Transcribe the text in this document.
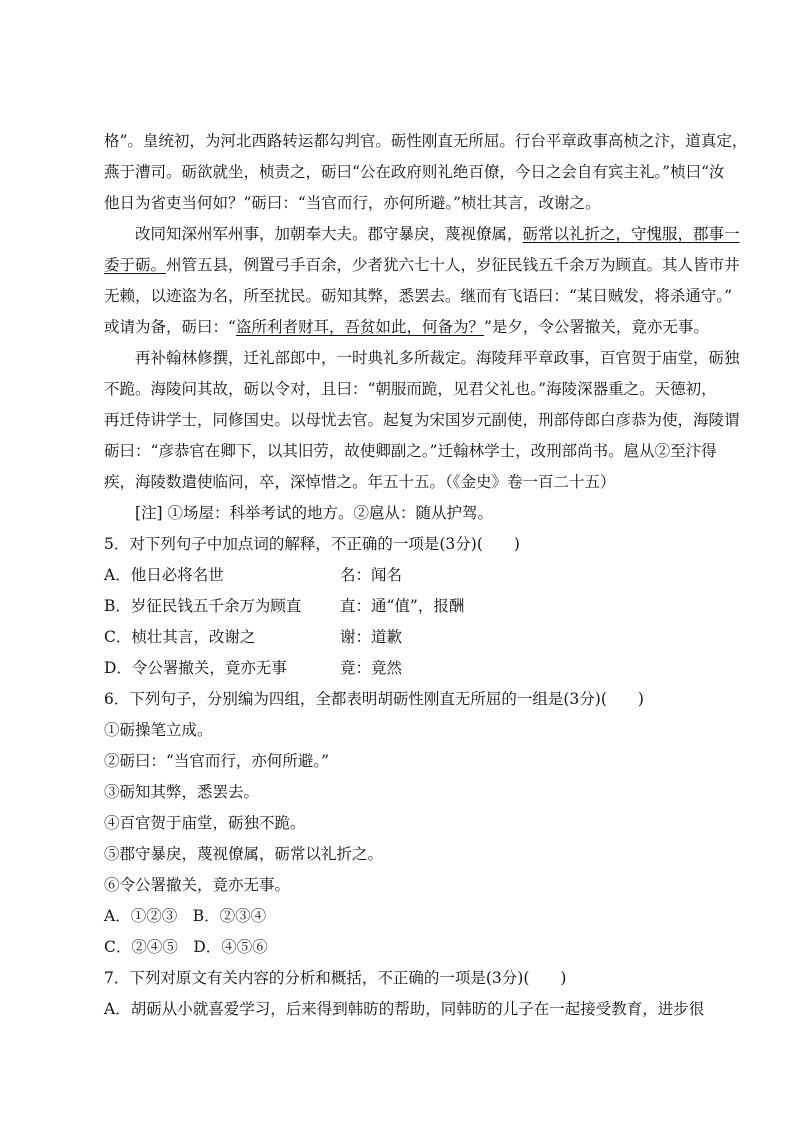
格”。皇统初，为河北西路转运都勾判官。砺性刚直无所屈。行台平章政事高桢之汴，道真定，
燕于漕司。砺欲就坐，桢责之，砺曰“公在政府则礼绝百僚，今日之会自有宾主礼。”桢曰“汝
他日为省吏当何如？”砺曰：“当官而行，亦何所避。”桢壮其言，改谢之。
改同知深州军州事，加朝奉大夫。郡守暴戾，蔑视僚属，砺常以礼折之，守愧服，郡事一
委于砺。州管五县，例置弓手百余，少者犹六七十人，岁征民钱五千余万为顾直。其人皆市井
无赖，以迹盗为名，所至扰民。砺知其弊，悉罢去。继而有飞语曰：“某日贼发，将杀通守。”
或请为备，砺曰：“盗所利者财耳，吾贫如此，何备为？”是夕，令公署撤关，竟亦无事。
再补翰林修撰，迁礼部郎中，一时典礼多所裁定。海陵拜平章政事，百官贺于庙堂，砺独
不跪。海陵问其故，砺以令对，且曰：“朝服而跪，见君父礼也。”海陵深器重之。天德初，
再迁侍讲学士，同修国史。以母忧去官。起复为宋国岁元副使，刑部侍郎白彦恭为使，海陵谓
砺曰：“彦恭官在卿下，以其旧劳，故使卿副之。”迁翰林学士，改刑部尚书。扈从②至汴得
疾，海陵数遣使临问，卒，深悼惜之。年五十五。（《金史》卷一百二十五）
[注] ①场屋：科举考试的地方。②扈从：随从护驾。
5．对下列句子中加点词的解释，不正确的一项是(3分)(　　)
A．他日必将名世	名：闻名
B．岁征民钱五千余万为顾直	直：通“值”，报酬
C．桢壮其言，改谢之	谢：道歉
D．令公署撤关，竟亦无事	竟：竟然
6．下列句子，分别编为四组，全都表明胡砺性刚直无所屈的一组是(3分)(　　)
①砺操笔立成。
②砺曰：“当官而行，亦何所避。”
③砺知其弊，悉罢去。
④百官贺于庙堂，砺独不跪。
⑤郡守暴戾，蔑视僚属，砺常以礼折之。
⑥令公署撤关，竟亦无事。
A．①②③　B．②③④
C．②④⑤　D．④⑤⑥
7．下列对原文有关内容的分析和概括，不正确的一项是(3分)(　　)
A．胡砺从小就喜爱学习，后来得到韩昉的帮助，同韩昉的儿子在一起接受教育，进步很
